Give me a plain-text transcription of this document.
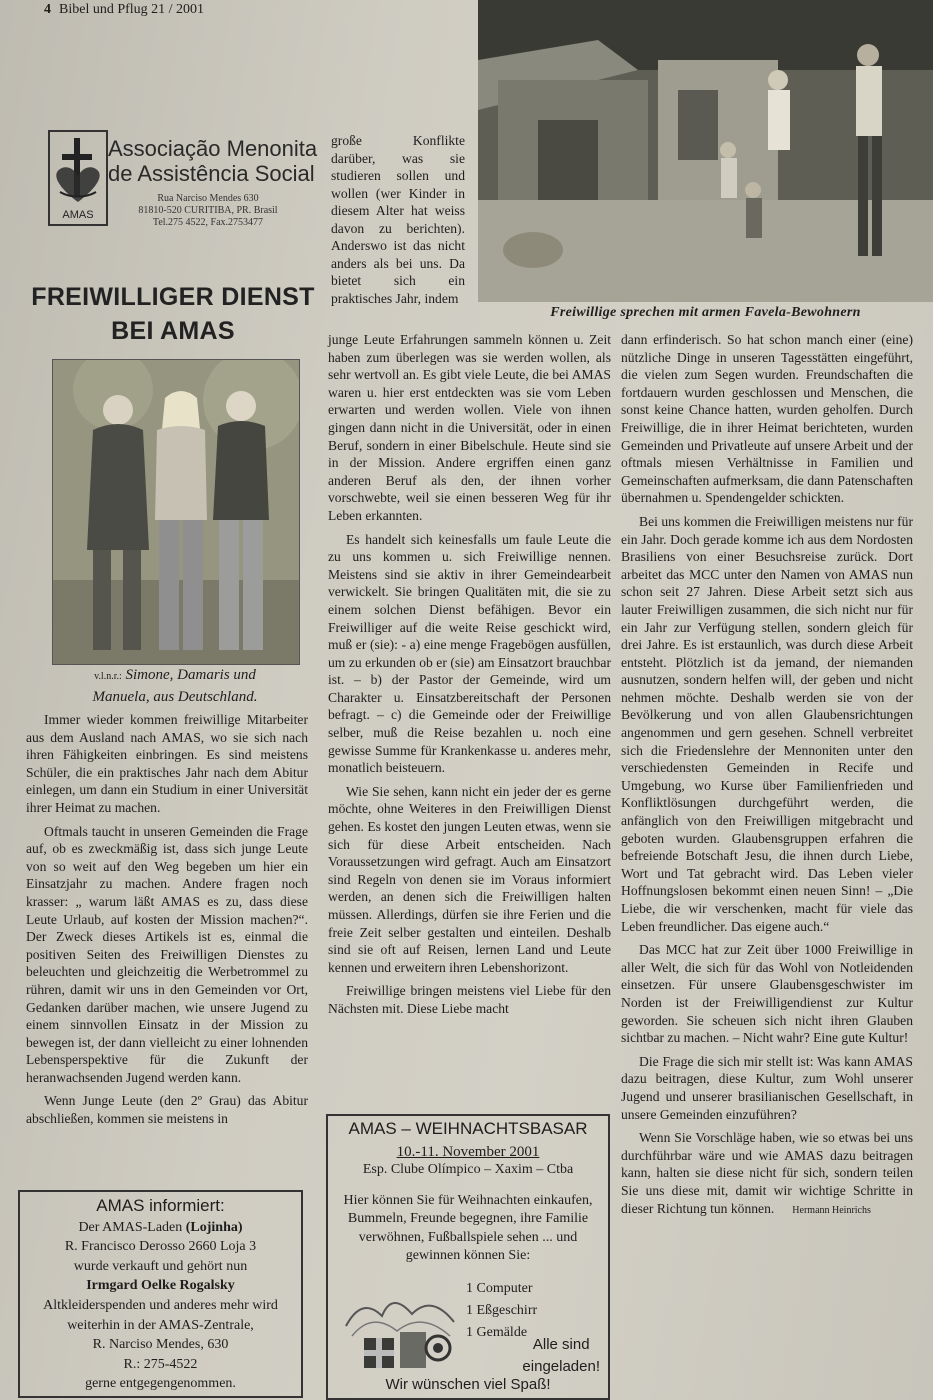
4 Bibel und Pflug 21 / 2001
AMAS
Associação Menonita
de Assistência Social
Rua Narciso Mendes 630
81810-520 CURITIBA, PR. Brasil
Tel.275 4522, Fax.2753477
FREIWILLIGER DIENST
BEI AMAS
v.l.n.r.: Simone, Damaris und
Manuela, aus Deutschland.
Freiwillige sprechen mit armen Favela-Bewohnern

Immer wieder kommen freiwillige Mitarbeiter aus dem Ausland nach AMAS, wo sie sich nach ihren Fähigkeiten einbringen. Es sind meistens Schüler, die ein praktisches Jahr nach dem Abitur einlegen, um dann ein Studium in einer Universität ihrer Heimat zu machen.

Oftmals taucht in unseren Gemeinden die Frage auf, ob es zweckmäßig ist, dass sich junge Leute von so weit auf den Weg begeben um hier ein Einsatzjahr zu machen. Andere fragen noch krasser: „ warum läßt AMAS es zu, dass diese Leute Urlaub, auf kosten der Mission machen?“. Der Zweck dieses Artikels ist es, einmal die positiven Seiten des Freiwilligen Dienstes zu beleuchten und gleichzeitig die Werbetrommel zu rühren, damit wir uns in den Gemeinden vor Ort, Gedanken darüber machen, wie unsere Jugend zu einem sinnvollen Einsatz in der Mission zu bewegen ist, der dann vielleicht zu einer lohnenden Lebensperspektive für die Zukunft der heranwachsenden Jugend werden kann.

Wenn Junge Leute (den 2º Grau) das Abitur abschließen, kommen sie meistens in

große Konflikte darüber, was sie studieren sollen und wollen (wer Kinder in diesem Alter hat weiss davon zu berichten). Anderswo ist das nicht anders als bei uns. Da bietet sich ein praktisches Jahr, indem

junge Leute Erfahrungen sammeln können u. Zeit haben zum überlegen was sie werden wollen, als sehr wertvoll an. Es gibt viele Leute, die bei AMAS waren u. hier erst entdeckten was sie vom Leben erwarten und werden wollen. Viele von ihnen gingen dann nicht in die Universität, oder in einen Beruf, sondern in einer Bibelschule. Heute sind sie in der Mission. Andere ergriffen einen ganz anderen Beruf als den, der ihnen vorher vorschwebte, weil sie einen besseren Weg für ihr Leben erkannten.

Es handelt sich keinesfalls um faule Leute die zu uns kommen u. sich Freiwillige nennen. Meistens sind sie aktiv in ihrer Gemeindearbeit verwickelt. Sie bringen Qualitäten mit, die sie zu einem solchen Dienst befähigen. Bevor ein Freiwilliger auf die weite Reise geschickt wird, muß er (sie): - a) eine menge Fragebögen ausfüllen, um zu erkunden ob er (sie) am Einsatzort brauchbar ist. – b) der Pastor der Gemeinde, wird um Charakter u. Einsatzbereitschaft der Personen befragt. – c) die Gemeinde oder der Freiwillige selber, muß die Reise bezahlen u. noch eine gewisse Summe für Krankenkasse u. anderes mehr, monatlich beisteuern.

Wie Sie sehen, kann nicht ein jeder der es gerne möchte, ohne Weiteres in den Freiwilligen Dienst gehen. Es kostet den jungen Leuten etwas, wenn sie sich für diese Arbeit entscheiden. Nach Voraussetzungen wird gefragt. Auch am Einsatzort sind Regeln von denen sie im Voraus informiert werden, an denen sich die Freiwilligen halten müssen. Allerdings, dürfen sie ihre Ferien und die freie Zeit selber gestalten und einteilen. Deshalb sind sie oft auf Reisen, lernen Land und Leute kennen und erweitern ihren Lebenshorizont.

Freiwillige bringen meistens viel Liebe für den Nächsten mit. Diese Liebe macht

dann erfinderisch. So hat schon manch einer (eine) nützliche Dinge in unseren Tagesstätten eingeführt, die vielen zum Segen wurden. Freundschaften die fortdauern wurden geschlossen und Menschen, die sonst keine Chance hatten, wurden geholfen. Durch Freiwillige, die in ihrer Heimat berichteten, wurden Gemeinden und Privatleute auf unsere Arbeit und der oftmals miesen Verhältnisse in Familien und Gemeinschaften aufmerksam, die dann Patenschaften übernahmen u. Spendengelder schickten.

Bei uns kommen die Freiwilligen meistens nur für ein Jahr. Doch gerade komme ich aus dem Nordosten Brasiliens von einer Besuchsreise zurück. Dort arbeitet das MCC unter den Namen von AMAS nun schon seit 27 Jahren. Diese Arbeit setzt sich aus lauter Freiwilligen zusammen, die sich nicht nur für ein Jahr zur Verfügung stellen, sondern gleich für drei Jahre. Es ist erstaunlich, was durch diese Arbeit entsteht. Plötzlich ist da jemand, der niemanden ausnutzen, sondern helfen will, der geben und nicht nehmen möchte. Deshalb werden sie von der Bevölkerung und von allen Glaubensrichtungen angenommen und gern gesehen. Schnell verbreitet sich die Friedenslehre der Mennoniten unter den verschiedensten Gemeinden in Recife und Umgebung, wo Kurse über Familienfrieden und Konfliktlösungen durchgeführt werden, die anfänglich von den Freiwilligen mitgebracht und geboten wurden. Glaubensgruppen erfahren die befreiende Botschaft Jesu, die ihnen durch Liebe, Wort und Tat gebracht wird. Das Leben vieler Hoffnungslosen bekommt einen neuen Sinn! – „Die Liebe, die wir verschenken, macht für viele das Leben freundlicher. Das eigene auch.“

Das MCC hat zur Zeit über 1000 Freiwillige in aller Welt, die sich für das Wohl von Notleidenden einsetzen. Für unsere Glaubensgeschwister im Norden ist der Freiwilligendienst zur Kultur geworden. Sie scheuen sich nicht ihren Glauben sichtbar zu machen. – Nicht wahr? Eine gute Kultur!

Die Frage die sich mir stellt ist: Was kann AMAS dazu beitragen, diese Kultur, zum Wohl unserer Jugend und unserer brasilianischen Gesellschaft, in unsere Gemeinden einzuführen?

Wenn Sie Vorschläge haben, wie so etwas bei uns durchführbar wäre und wie AMAS dazu beitragen kann, halten sie diese nicht für sich, sondern teilen Sie uns diese mit, damit wir wichtige Schritte in dieser Richtung tun können. Hermann Heinrichs

AMAS informiert:
Der AMAS-Laden (Lojinha)
R. Francisco Derosso 2660 Loja 3
wurde verkauft und gehört nun
Irmgard Oelke Rogalsky
Altkleiderspenden und anderes mehr wird
weiterhin in der AMAS-Zentrale,
R. Narciso Mendes, 630
R.: 275-4522
gerne entgegengenommen.
AMAS – WEIHNACHTSBASAR
10.-11. November 2001
Esp. Clube Olímpico – Xaxim – Ctba
Hier können Sie für Weihnachten einkaufen, Bummeln, Freunde begegnen, ihre Familie verwöhnen, Fußballspiele sehen ... und gewinnen können Sie:
1 Computer
1 Eßgeschirr
1 Gemälde
Alle sind
eingeladen!
Wir wünschen viel Spaß!
